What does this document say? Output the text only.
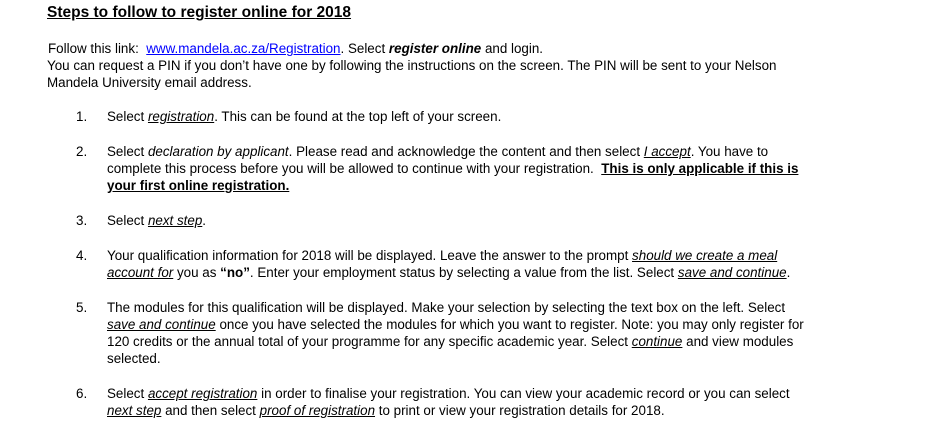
Steps to follow to register online for 2018
Follow this link: www.mandela.ac.za/Registration. Select register online and login.
You can request a PIN if you don’t have one by following the instructions on the screen. The PIN will be sent to your Nelson
Mandela University email address.
1.	Select registration. This can be found at the top left of your screen.
2.	Select declaration by applicant. Please read and acknowledge the content and then select I accept. You have to
complete this process before you will be allowed to continue with your registration. This is only applicable if this is
your first online registration.
3.	Select next step.
4.	Your qualification information for 2018 will be displayed. Leave the answer to the prompt should we create a meal
account for you as “no”. Enter your employment status by selecting a value from the list. Select save and continue.
5.	The modules for this qualification will be displayed. Make your selection by selecting the text box on the left. Select
save and continue once you have selected the modules for which you want to register. Note: you may only register for
120 credits or the annual total of your programme for any specific academic year. Select continue and view modules
selected.
6.	Select accept registration in order to finalise your registration. You can view your academic record or you can select
next step and then select proof of registration to print or view your registration details for 2018.
